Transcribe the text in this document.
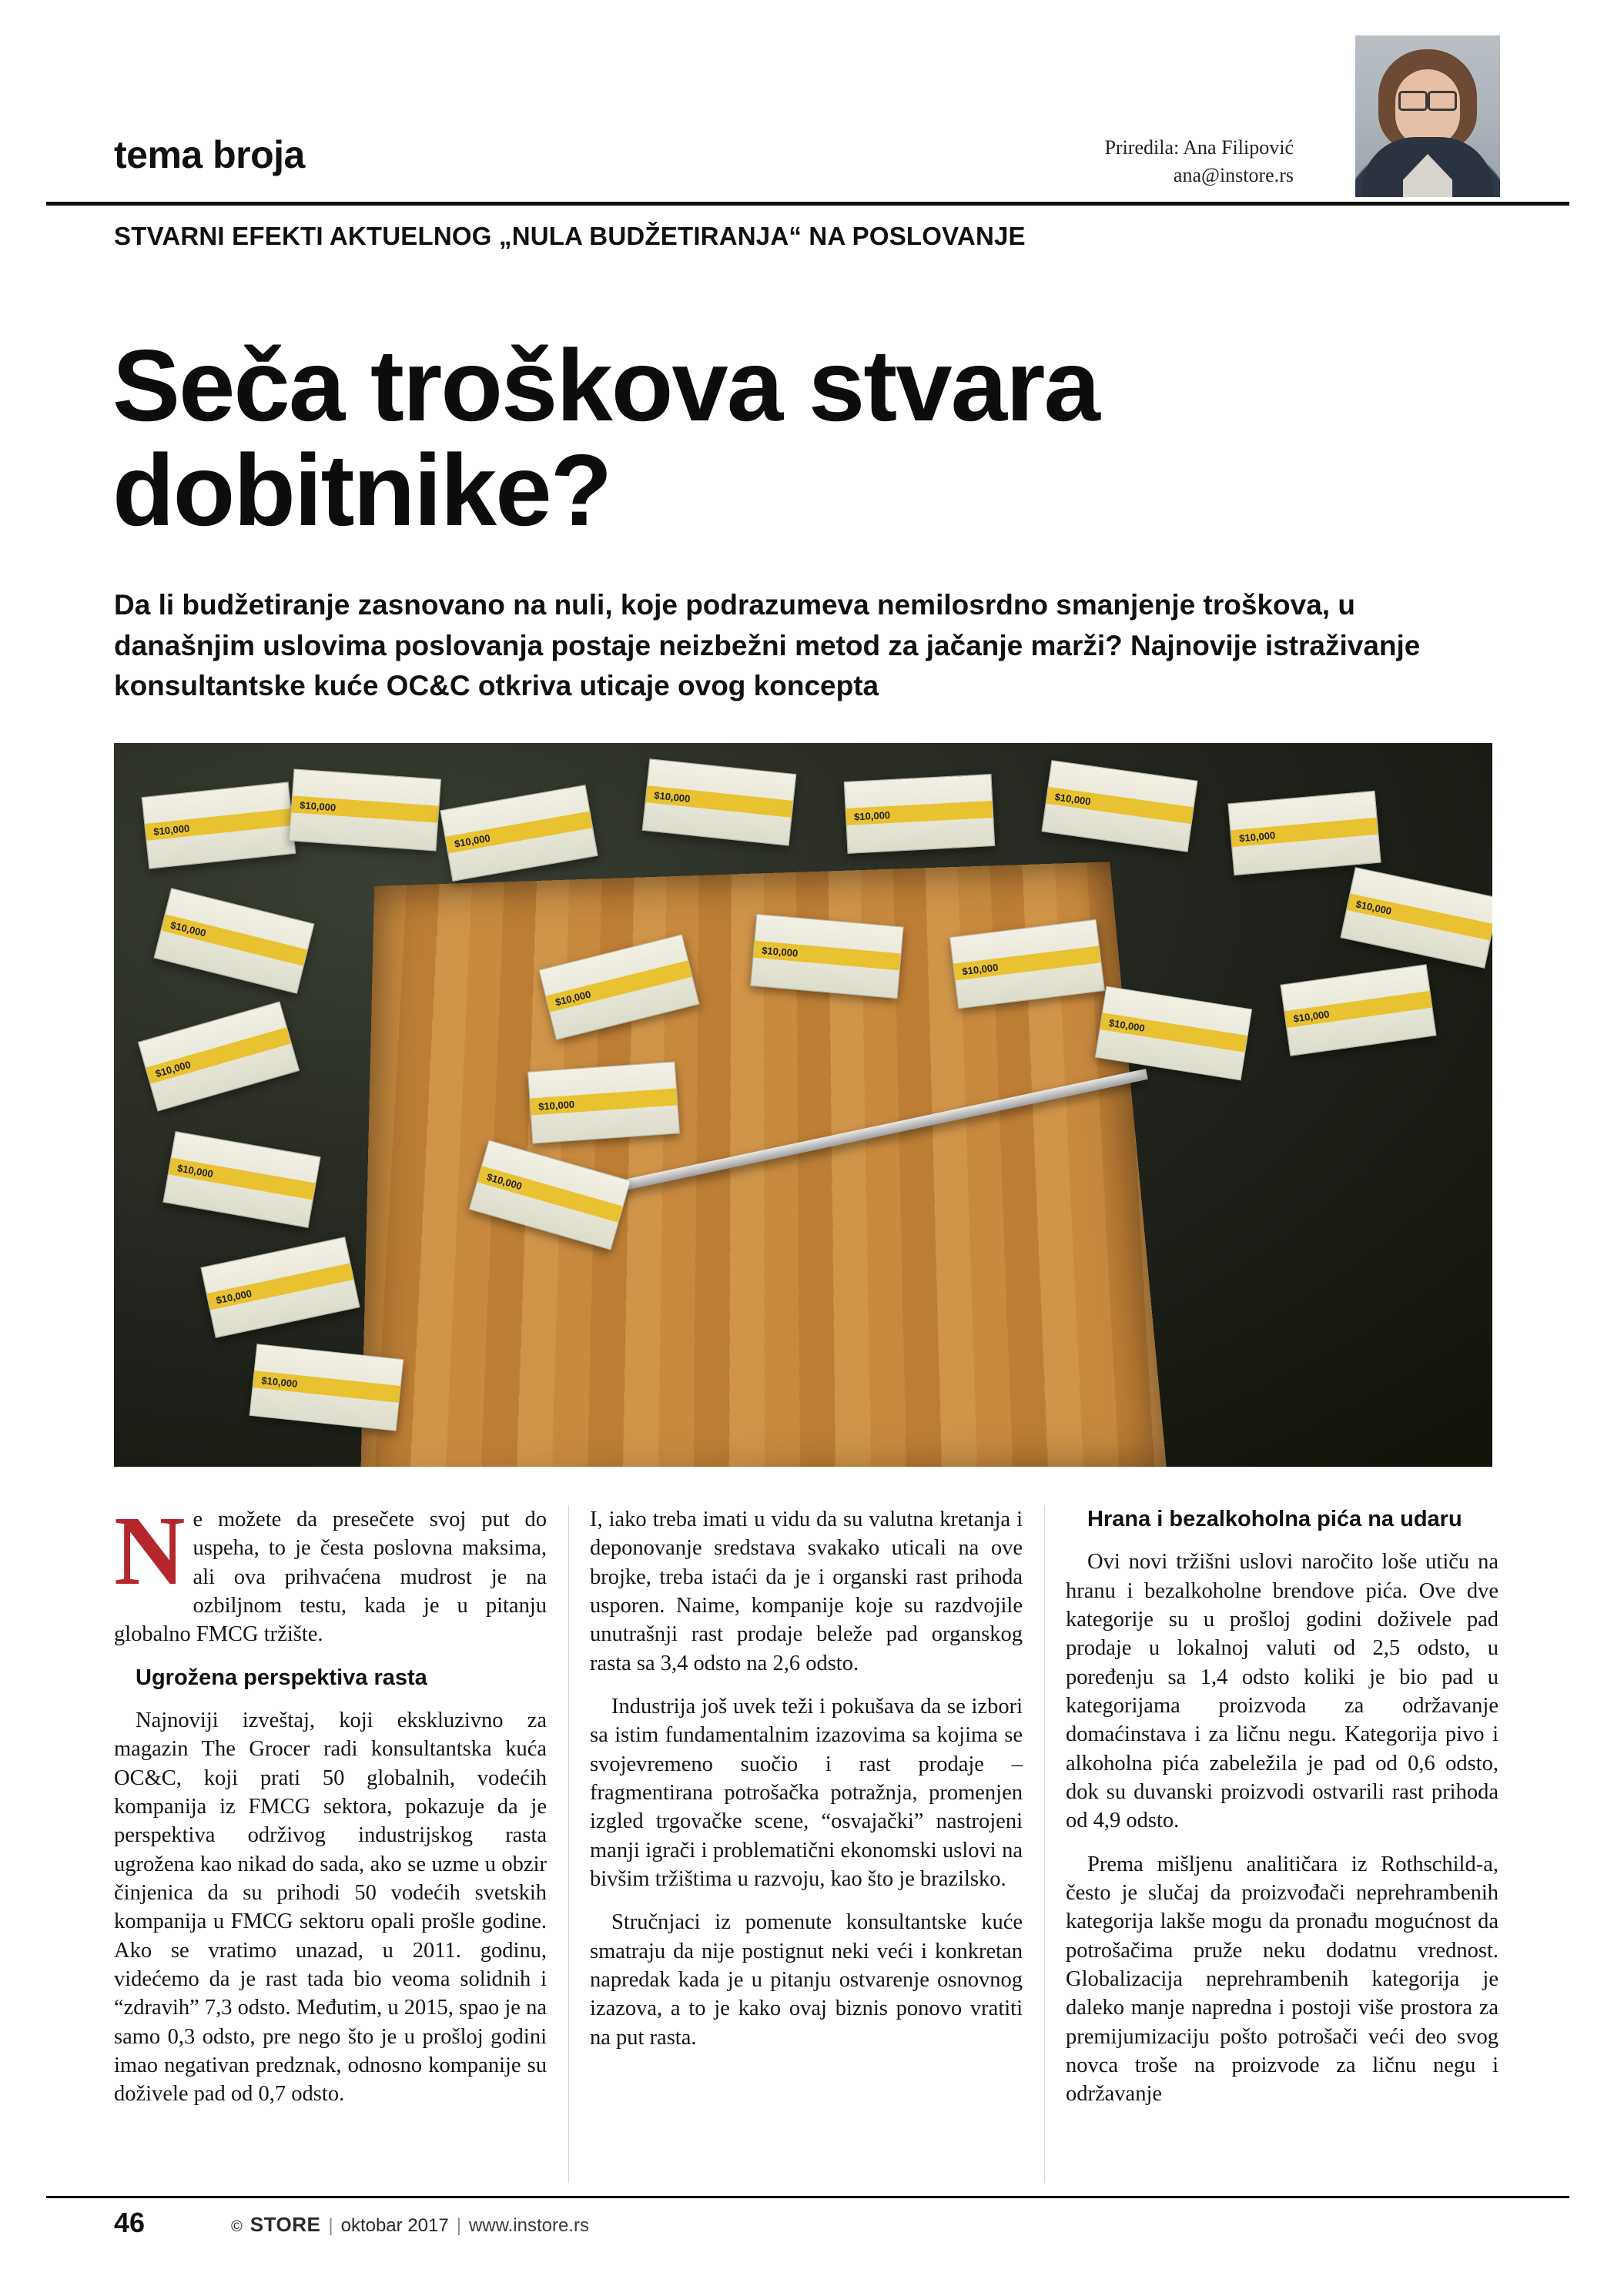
tema broja	Priredila: Ana Filipović
ana@instore.rs
STVARNI EFEKTI AKTUELNOG „NULA BUDŽETIRANJA“ NA POSLOVANJE
Seča troškova stvara dobitnike?
Da li budžetiranje zasnovano na nuli, koje podrazumeva nemilosrdno smanjenje troškova, u današnjim uslovima poslovanja postaje neizbežni metod za jačanje marži? Najnovije istraživanje konsultantske kuće OC&C otkriva uticaje ovog koncepta
$10,000
$10,000
$10,000
$10,000
$10,000
$10,000
$10,000
$10,000
$10,000
$10,000
$10,000
$10,000
$10,000
$10,000
$10,000
$10,000
$10,000
$10,000
$10,000
$10,000

Ne možete da presečete svoj put do uspeha, to je česta poslovna maksima, ali ova prihvaćena mudrost je na ozbiljnom testu, kada je u pitanju globalno FMCG tržište.

Ugrožena perspektiva rasta

Najnoviji izveštaj, koji ekskluzivno za magazin The Grocer radi konsultantska kuća OC&C, koji prati 50 globalnih, vodećih kompanija iz FMCG sektora, pokazuje da je perspektiva održivog industrijskog rasta ugrožena kao nikad do sada, ako se uzme u obzir činjenica da su prihodi 50 vodećih svetskih kompanija u FMCG sektoru opali prošle godine. Ako se vratimo unazad, u 2011. godinu, videćemo da je rast tada bio veoma solidnih i “zdravih” 7,3 odsto. Međutim, u 2015, spao je na samo 0,3 odsto, pre nego što je u prošloj godini imao negativan predznak, odnosno kompanije su doživele pad od 0,7 odsto.

I, iako treba imati u vidu da su valutna kretanja i deponovanje sredstava svakako uticali na ove brojke, treba istaći da je i organski rast prihoda usporen. Naime, kompanije koje su razdvojile unutrašnji rast prodaje beleže pad organskog rasta sa 3,4 odsto na 2,6 odsto.

Industrija još uvek teži i pokušava da se izbori sa istim fundamentalnim izazovima sa kojima se svojevremeno suočio i rast prodaje – fragmentirana potrošačka potražnja, promenjen izgled trgovačke scene, “osvajački” nastrojeni manji igrači i problematični ekonomski uslovi na bivšim tržištima u razvoju, kao što je brazilsko.

Stručnjaci iz pomenute konsultantske kuće smatraju da nije postignut neki veći i konkretan napredak kada je u pitanju ostvarenje osnovnog izazova, a to je kako ovaj biznis ponovo vratiti na put rasta.

Hrana i bezalkoholna pića na udaru

Ovi novi tržišni uslovi naročito loše utiču na hranu i bezalkoholne brendove pića. Ove dve kategorije su u prošloj godini doživele pad prodaje u lokalnoj valuti od 2,5 odsto, u poređenju sa 1,4 odsto koliki je bio pad u kategorijama proizvoda za održavanje domaćinstava i za ličnu negu. Kategorija pivo i alkoholna pića zabeležila je pad od 0,6 odsto, dok su duvanski proizvodi ostvarili rast prihoda od 4,9 odsto.

Prema mišljenu analitičara iz Rothschild-a, često je slučaj da proizvođači neprehrambenih kategorija lakše mogu da pronađu mogućnost da potrošačima pruže neku dodatnu vrednost. Globalizacija neprehrambenih kategorija je daleko manje napredna i postoji više prostora za premijumizaciju pošto potrošači veći deo svog novca troše na proizvode za ličnu negu i održavanje

46	© STORE | oktobar 2017 | www.instore.rs
